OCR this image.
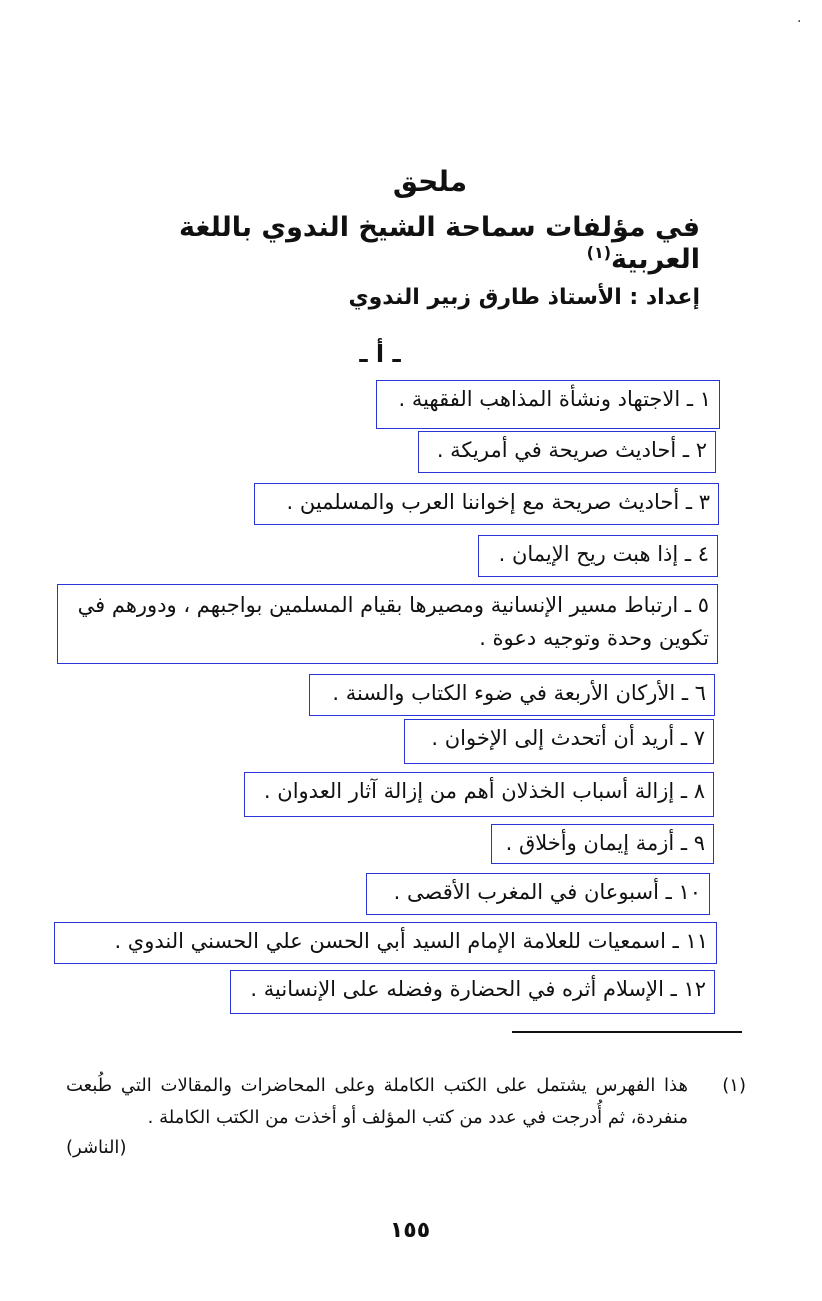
·
ملحق
في مؤلفات سماحة الشيخ الندوي باللغة العربية$^{(١)}$
إعداد : الأستاذ طارق زبير الندوي
ـ أ ـ
١ ـ الاجتهاد ونشأة المذاهب الفقهية .
٢ ـ أحاديث صريحة في أمريكة .
٣ ـ أحاديث صريحة مع إخواننا العرب والمسلمين .
٤ ـ إذا هبت ريح الإيمان .
٥ ـ ارتباط مسير الإنسانية ومصيرها بقيام المسلمين بواجبهم ، ودورهم في تكوين وحدة وتوجيه دعوة .
٦ ـ الأركان الأربعة في ضوء الكتاب والسنة .
٧ ـ أريد أن أتحدث إلى الإخوان .
٨ ـ إزالة أسباب الخذلان أهم من إزالة آثار العدوان .
٩ ـ أزمة إيمان وأخلاق .
١٠ ـ أسبوعان في المغرب الأقصى .
١١ ـ اسمعيات للعلامة الإمام السيد أبي الحسن علي الحسني الندوي .
١٢ ـ الإسلام أثره في الحضارة وفضله على الإنسانية .
(١)
هذا الفهرس يشتمل على الكتب الكاملة وعلى المحاضرات والمقالات التي طُبعت منفردة، ثم أُدرجت في عدد من كتب المؤلف أو أخذت من الكتب الكاملة .
(الناشر)
١٥٥
